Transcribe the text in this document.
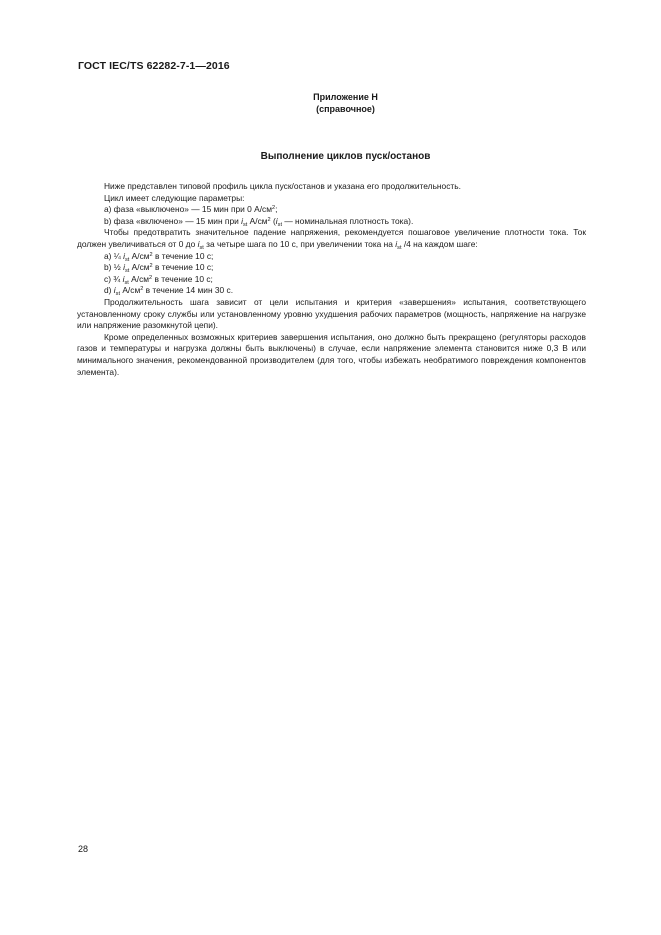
ГОСТ IEC/TS 62282-7-1—2016
Приложение Н
(справочное)
Выполнение циклов пуск/останов

Ниже представлен типовой профиль цикла пуск/останов и указана его продолжительность.

Цикл имеет следующие параметры:

а) фаза «выключено» — 15 мин при 0 $А/см^2$;

b) фаза «включено» — 15 мин при $i_{st}$ $А/см^2$ ($i_{st}$ — номинальная плотность тока).

Чтобы предотвратить значительное падение напряжения, рекомендуется пошаговое увеличение плотности тока. Ток должен увеличиваться от 0 до $i_{st}$ за четыре шага по 10 с, при увеличении тока на $i_{st}$ /4 на каждом шаге:

а) ¼ $i_{st}$ $А/см^2$ в течение 10 с;

b) ½ $i_{st}$ $А/см^2$ в течение 10 с;

c) ¾ $i_{st}$ $А/см^2$ в течение 10 с;

d) $i_{st}$ $А/см^2$ в течение 14 мин 30 с.

Продолжительность шага зависит от цели испытания и критерия «завершения» испытания, соответствующего установленному сроку службы или установленному уровню ухудшения рабочих параметров (мощность, напряжение на нагрузке или напряжение разомкнутой цепи).

Кроме определенных возможных критериев завершения испытания, оно должно быть прекращено (регуляторы расходов газов и температуры и нагрузка должны быть выключены) в случае, если напряжение элемента становится ниже 0,3 В или минимального значения, рекомендованной производителем (для того, чтобы избежать необратимого повреждения компонентов элемента).

28
